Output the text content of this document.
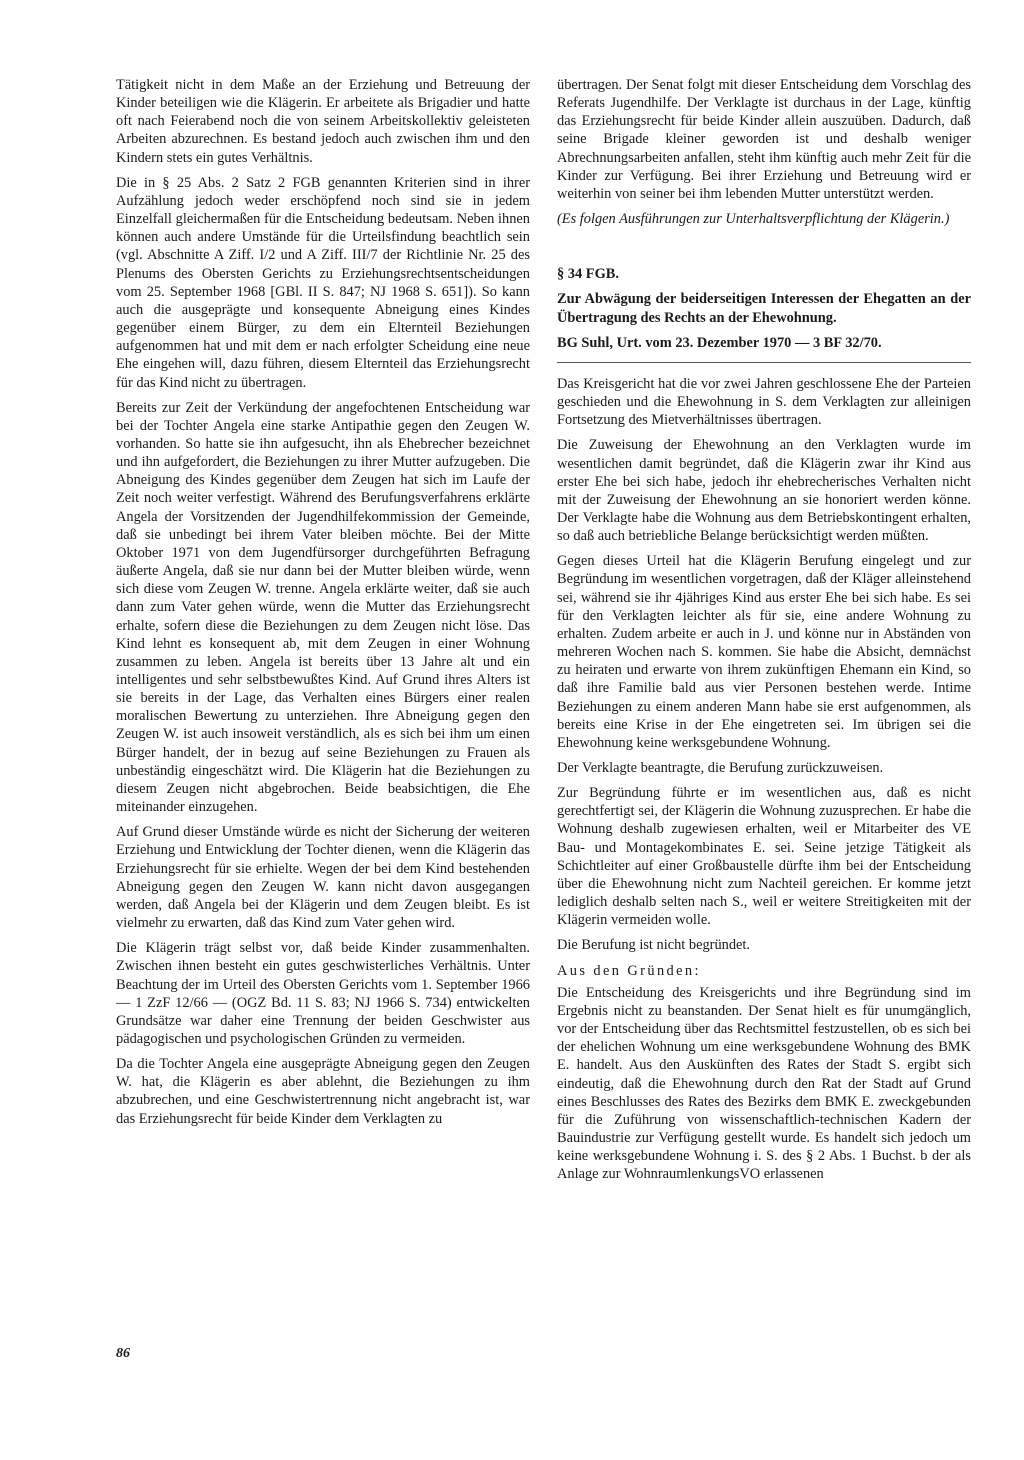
Tätigkeit nicht in dem Maße an der Erziehung und Betreuung der Kinder beteiligen wie die Klägerin. Er arbeitete als Brigadier und hatte oft nach Feierabend noch die von seinem Arbeitskollektiv geleisteten Arbeiten abzurechnen. Es bestand jedoch auch zwischen ihm und den Kindern stets ein gutes Verhältnis.

Die in § 25 Abs. 2 Satz 2 FGB genannten Kriterien sind in ihrer Aufzählung jedoch weder erschöpfend noch sind sie in jedem Einzelfall gleichermaßen für die Entscheidung bedeutsam. Neben ihnen können auch andere Umstände für die Urteilsfindung beachtlich sein (vgl. Abschnitte A Ziff. I/2 und A Ziff. III/7 der Richtlinie Nr. 25 des Plenums des Obersten Gerichts zu Erziehungsrechtsentscheidungen vom 25. September 1968 [GBl. II S. 847; NJ 1968 S. 651]). So kann auch die ausgeprägte und konsequente Abneigung eines Kindes gegenüber einem Bürger, zu dem ein Elternteil Beziehungen aufgenommen hat und mit dem er nach erfolgter Scheidung eine neue Ehe eingehen will, dazu führen, diesem Elternteil das Erziehungsrecht für das Kind nicht zu übertragen.

Bereits zur Zeit der Verkündung der angefochtenen Entscheidung war bei der Tochter Angela eine starke Antipathie gegen den Zeugen W. vorhanden. So hatte sie ihn aufgesucht, ihn als Ehebrecher bezeichnet und ihn aufgefordert, die Beziehungen zu ihrer Mutter aufzugeben. Die Abneigung des Kindes gegenüber dem Zeugen hat sich im Laufe der Zeit noch weiter verfestigt. Während des Berufungsverfahrens erklärte Angela der Vorsitzenden der Jugendhilfekommission der Gemeinde, daß sie unbedingt bei ihrem Vater bleiben möchte. Bei der Mitte Oktober 1971 von dem Jugendfürsorger durchgeführten Befragung äußerte Angela, daß sie nur dann bei der Mutter bleiben würde, wenn sich diese vom Zeugen W. trenne. Angela erklärte weiter, daß sie auch dann zum Vater gehen würde, wenn die Mutter das Erziehungsrecht erhalte, sofern diese die Beziehungen zu dem Zeugen nicht löse. Das Kind lehnt es konsequent ab, mit dem Zeugen in einer Wohnung zusammen zu leben. Angela ist bereits über 13 Jahre alt und ein intelligentes und sehr selbstbewußtes Kind. Auf Grund ihres Alters ist sie bereits in der Lage, das Verhalten eines Bürgers einer realen moralischen Bewertung zu unterziehen. Ihre Abneigung gegen den Zeugen W. ist auch insoweit verständlich, als es sich bei ihm um einen Bürger handelt, der in bezug auf seine Beziehungen zu Frauen als unbeständig eingeschätzt wird. Die Klägerin hat die Beziehungen zu diesem Zeugen nicht abgebrochen. Beide beabsichtigen, die Ehe miteinander einzugehen.

Auf Grund dieser Umstände würde es nicht der Sicherung der weiteren Erziehung und Entwicklung der Tochter dienen, wenn die Klägerin das Erziehungsrecht für sie erhielte. Wegen der bei dem Kind bestehenden Abneigung gegen den Zeugen W. kann nicht davon ausgegangen werden, daß Angela bei der Klägerin und dem Zeugen bleibt. Es ist vielmehr zu erwarten, daß das Kind zum Vater gehen wird.

Die Klägerin trägt selbst vor, daß beide Kinder zusammenhalten. Zwischen ihnen besteht ein gutes geschwisterliches Verhältnis. Unter Beachtung der im Urteil des Obersten Gerichts vom 1. September 1966 — 1 ZzF 12/66 — (OGZ Bd. 11 S. 83; NJ 1966 S. 734) entwickelten Grundsätze war daher eine Trennung der beiden Geschwister aus pädagogischen und psychologischen Gründen zu vermeiden.

Da die Tochter Angela eine ausgeprägte Abneigung gegen den Zeugen W. hat, die Klägerin es aber ablehnt, die Beziehungen zu ihm abzubrechen, und eine Geschwistertrennung nicht angebracht ist, war das Erziehungsrecht für beide Kinder dem Verklagten zu

übertragen. Der Senat folgt mit dieser Entscheidung dem Vorschlag des Referats Jugendhilfe. Der Verklagte ist durchaus in der Lage, künftig das Erziehungsrecht für beide Kinder allein auszuüben. Dadurch, daß seine Brigade kleiner geworden ist und deshalb weniger Abrechnungsarbeiten anfallen, steht ihm künftig auch mehr Zeit für die Kinder zur Verfügung. Bei ihrer Erziehung und Betreuung wird er weiterhin von seiner bei ihm lebenden Mutter unterstützt werden.

(Es folgen Ausführungen zur Unterhaltsverpflichtung der Klägerin.)

§ 34 FGB.

Zur Abwägung der beiderseitigen Interessen der Ehegatten an der Übertragung des Rechts an der Ehewohnung.

BG Suhl, Urt. vom 23. Dezember 1970 — 3 BF 32/70.

Das Kreisgericht hat die vor zwei Jahren geschlossene Ehe der Parteien geschieden und die Ehewohnung in S. dem Verklagten zur alleinigen Fortsetzung des Mietverhältnisses übertragen.

Die Zuweisung der Ehewohnung an den Verklagten wurde im wesentlichen damit begründet, daß die Klägerin zwar ihr Kind aus erster Ehe bei sich habe, jedoch ihr ehebrecherisches Verhalten nicht mit der Zuweisung der Ehewohnung an sie honoriert werden könne. Der Verklagte habe die Wohnung aus dem Betriebskontingent erhalten, so daß auch betriebliche Belange berücksichtigt werden müßten.

Gegen dieses Urteil hat die Klägerin Berufung eingelegt und zur Begründung im wesentlichen vorgetragen, daß der Kläger alleinstehend sei, während sie ihr 4jähriges Kind aus erster Ehe bei sich habe. Es sei für den Verklagten leichter als für sie, eine andere Wohnung zu erhalten. Zudem arbeite er auch in J. und könne nur in Abständen von mehreren Wochen nach S. kommen. Sie habe die Absicht, demnächst zu heiraten und erwarte von ihrem zukünftigen Ehemann ein Kind, so daß ihre Familie bald aus vier Personen bestehen werde. Intime Beziehungen zu einem anderen Mann habe sie erst aufgenommen, als bereits eine Krise in der Ehe eingetreten sei. Im übrigen sei die Ehewohnung keine werksgebundene Wohnung.

Der Verklagte beantragte, die Berufung zurückzuweisen.

Zur Begründung führte er im wesentlichen aus, daß es nicht gerechtfertigt sei, der Klägerin die Wohnung zuzusprechen. Er habe die Wohnung deshalb zugewiesen erhalten, weil er Mitarbeiter des VE Bau- und Montagekombinates E. sei. Seine jetzige Tätigkeit als Schichtleiter auf einer Großbaustelle dürfte ihm bei der Entscheidung über die Ehewohnung nicht zum Nachteil gereichen. Er komme jetzt lediglich deshalb selten nach S., weil er weitere Streitigkeiten mit der Klägerin vermeiden wolle.

Die Berufung ist nicht begründet.

Aus den Gründen:

Die Entscheidung des Kreisgerichts und ihre Begründung sind im Ergebnis nicht zu beanstanden. Der Senat hielt es für unumgänglich, vor der Entscheidung über das Rechtsmittel festzustellen, ob es sich bei der ehelichen Wohnung um eine werksgebundene Wohnung des BMK E. handelt. Aus den Auskünften des Rates der Stadt S. ergibt sich eindeutig, daß die Ehewohnung durch den Rat der Stadt auf Grund eines Beschlusses des Rates des Bezirks dem BMK E. zweckgebunden für die Zuführung von wissenschaftlich-technischen Kadern der Bauindustrie zur Verfügung gestellt wurde. Es handelt sich jedoch um keine werksgebundene Wohnung i. S. des § 2 Abs. 1 Buchst. b der als Anlage zur WohnraumlenkungsVO erlassenen

86
